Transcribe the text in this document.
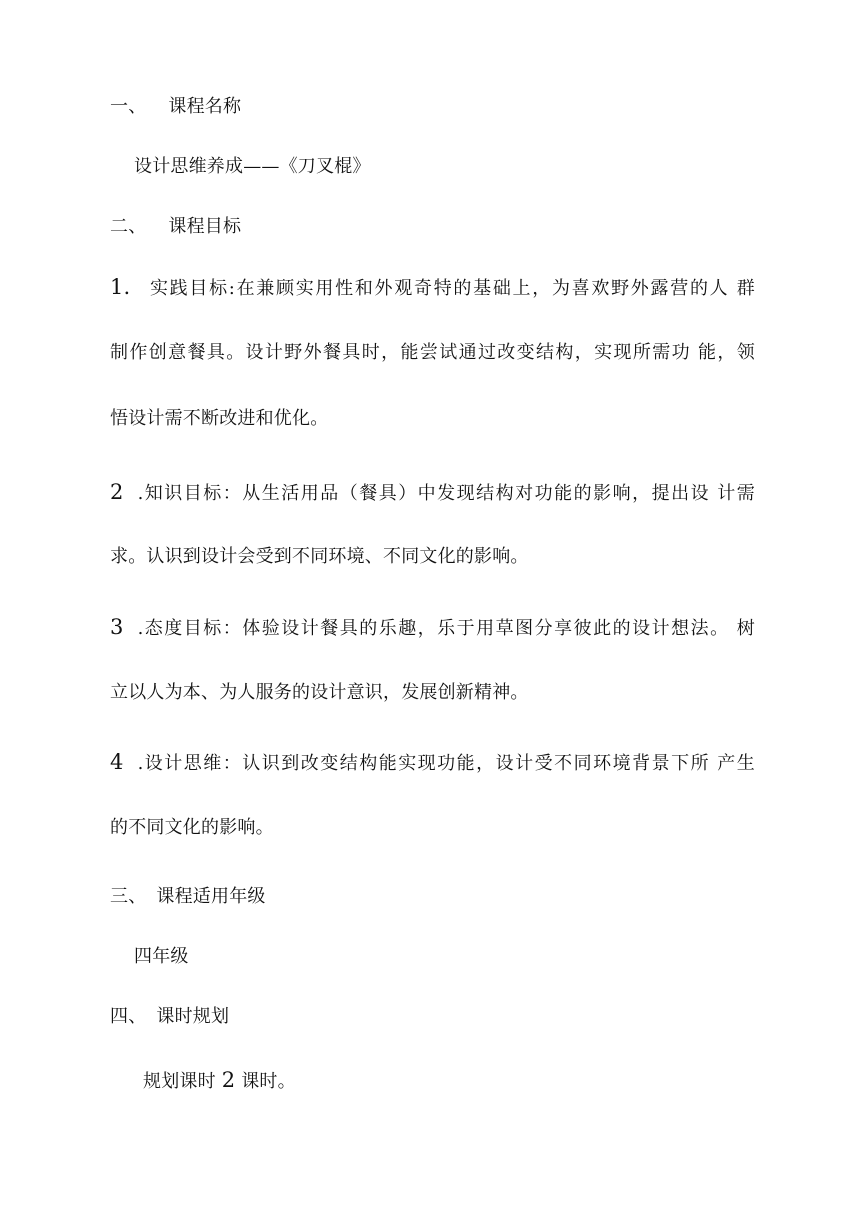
一、 课程名称
设计思维养成——《刀叉棍》
二、 课程目标
1. 实践目标:在兼顾实用性和外观奇特的基础上，为喜欢野外露营的人 群
制作创意餐具。设计野外餐具时，能尝试通过改变结构，实现所需功 能，领
悟设计需不断改进和优化。
2 .知识目标：从生活用品（餐具）中发现结构对功能的影响，提出设 计需
求。认识到设计会受到不同环境、不同文化的影响。
3 .态度目标：体验设计餐具的乐趣，乐于用草图分享彼此的设计想法。 树
立以人为本、为人服务的设计意识，发展创新精神。
4 .设计思维：认识到改变结构能实现功能，设计受不同环境背景下所 产生
的不同文化的影响。
三、 课程适用年级
四年级
四、 课时规划
规划课时 2 课时。
